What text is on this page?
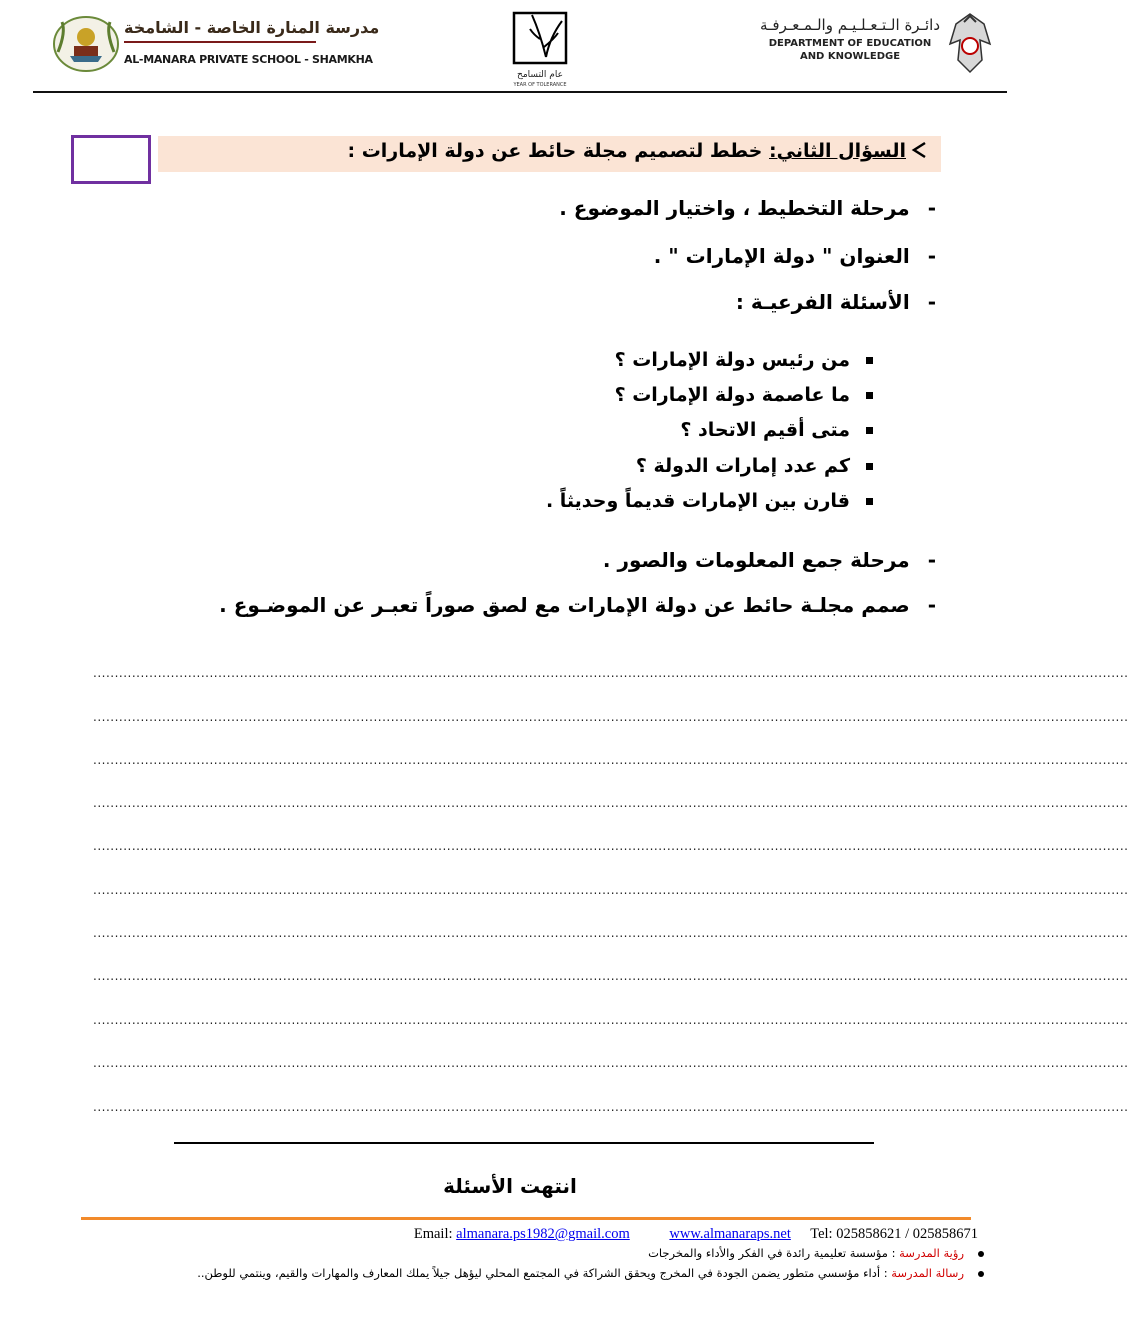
مدرسة المنارة الخاصة - الشامخة
AL-MANARA PRIVATE SCHOOL - SHAMKHA
عام التسامح
YEAR OF TOLERANCE
دائـرة الـتـعـلـيـم والـمـعـرفـة
DEPARTMENT OF EDUCATION
AND KNOWLEDGE
السؤال الثاني: خطط لتصميم مجلة حائط عن دولة الإمارات :
-مرحلة التخطيط ، واختيار الموضوع .
-العنوان " دولة الإمارات " .
-الأسئلة الفرعيـة :
من رئيس دولة الإمارات ؟
ما عاصمة دولة الإمارات ؟
متى أقيم الاتحاد ؟
كم عدد إمارات الدولة ؟
قارن بين الإمارات قديماً وحديثاً .
-مرحلة جمع المعلومات والصور .
-صمم مجلـة حائط عن دولة الإمارات مع لصق صوراً تعبـر عن الموضـوع .
................................................................................................................................................................................................................................................
................................................................................................................................................................................................................................................
................................................................................................................................................................................................................................................
................................................................................................................................................................................................................................................
................................................................................................................................................................................................................................................
................................................................................................................................................................................................................................................
................................................................................................................................................................................................................................................
................................................................................................................................................................................................................................................
................................................................................................................................................................................................................................................
................................................................................................................................................................................................................................................
................................................................................................................................................................................................................................................
انتهت الأسئلة
Email: almanara.ps1982@gmail.com	www.almanaraps.net Tel: 025858621 / 025858671
رؤية المدرسة : مؤسسة تعليمية رائدة في الفكر والأداء والمخرجات
رسالة المدرسة : أداء مؤسسي متطور يضمن الجودة في المخرج ويحقق الشراكة في المجتمع المحلي ليؤهل جيلاً يملك المعارف والمهارات والقيم، وينتمي للوطن..
